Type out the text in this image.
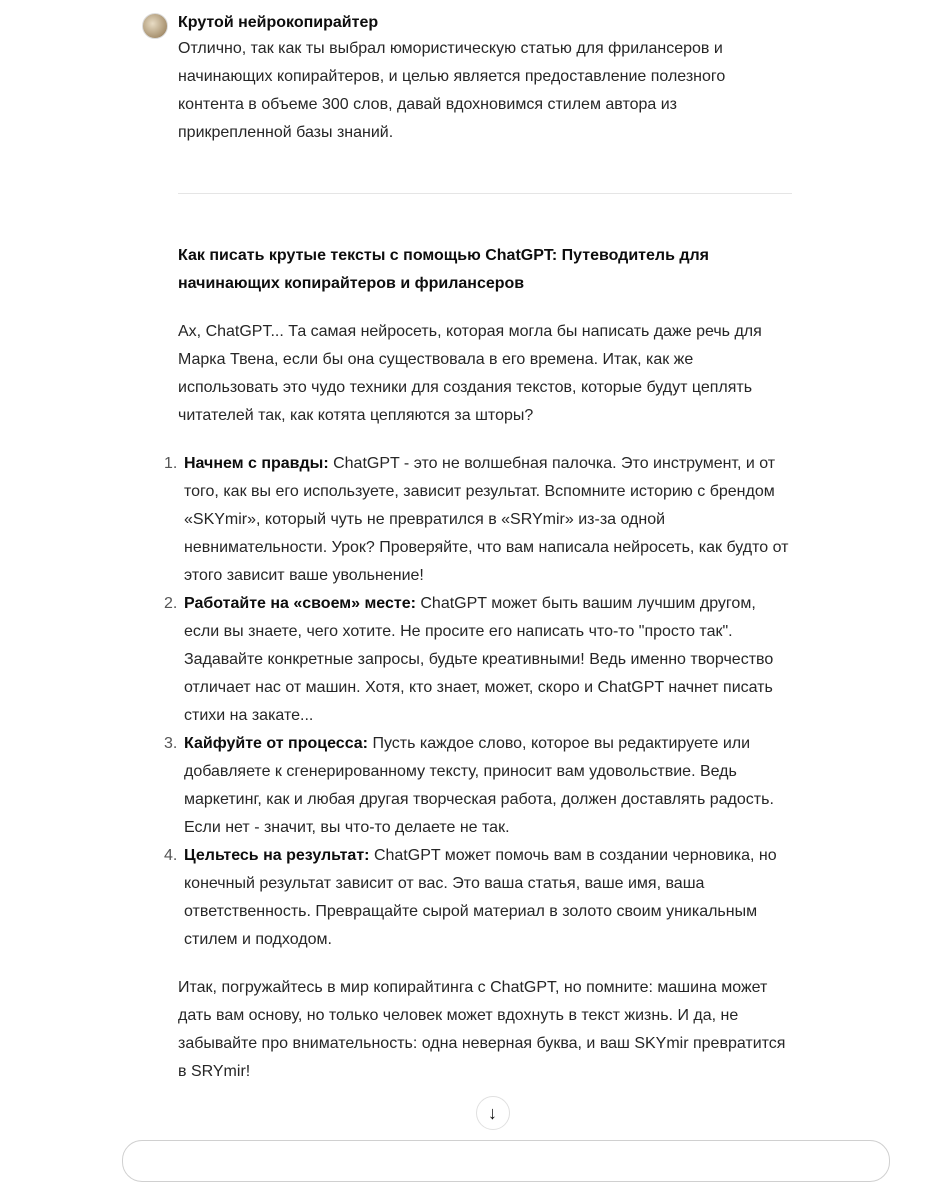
Крутой нейрокопирайтер

Отлично, так как ты выбрал юмористическую статью для фрилансеров и начинающих копирайтеров, и целью является предоставление полезного контента в объеме 300 слов, давай вдохновимся стилем автора из прикрепленной базы знаний.

Как писать крутые тексты с помощью ChatGPT: Путеводитель для начинающих копирайтеров и фрилансеров

Ах, ChatGPT... Та самая нейросеть, которая могла бы написать даже речь для Марка Твена, если бы она существовала в его времена. Итак, как же использовать это чудо техники для создания текстов, которые будут цеплять читателей так, как котята цепляются за шторы?

1. Начнем с правды: ChatGPT - это не волшебная палочка. Это инструмент, и от того, как вы его используете, зависит результат. Вспомните историю с брендом «SKYmir», который чуть не превратился в «SRYmir» из-за одной невнимательности. Урок? Проверяйте, что вам написала нейросеть, как будто от этого зависит ваше увольнение!
2. Работайте на «своем» месте: ChatGPT может быть вашим лучшим другом, если вы знаете, чего хотите. Не просите его написать что-то "просто так". Задавайте конкретные запросы, будьте креативными! Ведь именно творчество отличает нас от машин. Хотя, кто знает, может, скоро и ChatGPT начнет писать стихи на закате...
3. Кайфуйте от процесса: Пусть каждое слово, которое вы редактируете или добавляете к сгенерированному тексту, приносит вам удовольствие. Ведь маркетинг, как и любая другая творческая работа, должен доставлять радость. Если нет - значит, вы что-то делаете не так.
4. Цельтесь на результат: ChatGPT может помочь вам в создании черновика, но конечный результат зависит от вас. Это ваша статья, ваше имя, ваша ответственность. Превращайте сырой материал в золото своим уникальным стилем и подходом.

Итак, погружайтесь в мир копирайтинга с ChatGPT, но помните: машина может дать вам основу, но только человек может вдохнуть в текст жизнь. И да, не забывайте про внимательность: одна неверная буква, и ваш SKYmir превратится в SRYmir!

↓
